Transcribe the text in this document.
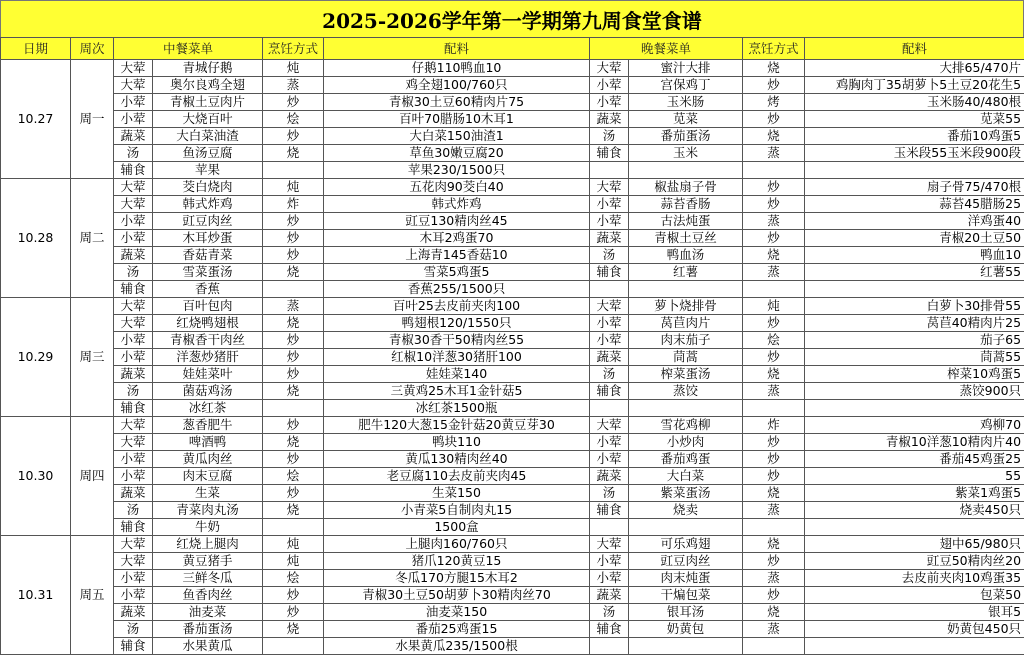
2025-2026学年第一学期第九周食堂食谱
日期	周次	中餐菜单		烹饪方式	配料	晚餐菜单		烹饪方式	配料
10.27	周一	大荤	青城仔鹅	炖	仔鹅110鸭血10	大荤	蜜汁大排	烧	大排65/470片
		大荤	奥尔良鸡全翅	蒸	鸡全翅100/760只	小荤	宫保鸡丁	炒	鸡胸肉丁35胡萝卜5土豆20花生5
		小荤	青椒土豆肉片	炒	青椒30土豆60精肉片75	小荤	玉米肠	烤	玉米肠40/480根
		小荤	大烧百叶	烩	百叶70腊肠10木耳1	蔬菜	苋菜	炒	苋菜55
		蔬菜	大白菜油渣	炒	大白菜150油渣1	汤	番茄蛋汤	烧	番茄10鸡蛋5
		汤	鱼汤豆腐	烧	草鱼30嫩豆腐20	辅食	玉米	蒸	玉米段55玉米段900段
		辅食	苹果		苹果230/1500只				
10.28	周二	大荤	茭白烧肉	炖	五花肉90茭白40	大荤	椒盐扇子骨	炒	扇子骨75/470根
		大荤	韩式炸鸡	炸	韩式炸鸡	小荤	蒜苔香肠	炒	蒜苔45腊肠25
		小荤	豇豆肉丝	炒	豇豆130精肉丝45	小荤	古法炖蛋	蒸	洋鸡蛋40
		小荤	木耳炒蛋	炒	木耳2鸡蛋70	蔬菜	青椒土豆丝	炒	青椒20土豆50
		蔬菜	香菇青菜	炒	上海青145香菇10	汤	鸭血汤	烧	鸭血10
		汤	雪菜蛋汤	烧	雪菜5鸡蛋5	辅食	红薯	蒸	红薯55
		辅食	香蕉		香蕉255/1500只				
10.29	周三	大荤	百叶包肉	蒸	百叶25去皮前夹肉100	大荤	萝卜烧排骨	炖	白萝卜30排骨55
		大荤	红烧鸭翅根	烧	鸭翅根120/1550只	小荤	莴苣肉片	炒	莴苣40精肉片25
		小荤	青椒香干肉丝	炒	青椒30香干50精肉丝55	小荤	肉末茄子	烩	茄子65
		小荤	洋葱炒猪肝	炒	红椒10洋葱30猪肝100	蔬菜	茼蒿	炒	茼蒿55
		蔬菜	娃娃菜叶	炒	娃娃菜140	汤	榨菜蛋汤	烧	榨菜10鸡蛋5
		汤	菌菇鸡汤	烧	三黄鸡25木耳1金针菇5	辅食	蒸饺	蒸	蒸饺900只
		辅食	冰红茶		冰红茶1500瓶				
10.30	周四	大荤	葱香肥牛	炒	肥牛120大葱15金针菇20黄豆芽30	大荤	雪花鸡柳	炸	鸡柳70
		大荤	啤酒鸭	烧	鸭块110	小荤	小炒肉	炒	青椒10洋葱10精肉片40
		小荤	黄瓜肉丝	炒	黄瓜130精肉丝40	小荤	番茄鸡蛋	炒	番茄45鸡蛋25
		小荤	肉末豆腐	烩	老豆腐110去皮前夹肉45	蔬菜	大白菜	炒	55
		蔬菜	生菜	炒	生菜150	汤	紫菜蛋汤	烧	紫菜1鸡蛋5
		汤	青菜肉丸汤	烧	小青菜5自制肉丸15	辅食	烧卖	蒸	烧卖450只
		辅食	牛奶		1500盒				
10.31	周五	大荤	红烧上腿肉	炖	上腿肉160/760只	大荤	可乐鸡翅	烧	翅中65/980只
		大荤	黄豆猪手	炖	猪爪120黄豆15	小荤	豇豆肉丝	炒	豇豆50精肉丝20
		小荤	三鲜冬瓜	烩	冬瓜170方腿15木耳2	小荤	肉末炖蛋	蒸	去皮前夹肉10鸡蛋35
		小荤	鱼香肉丝	炒	青椒30土豆50胡萝卜30精肉丝70	蔬菜	干煸包菜	炒	包菜50
		蔬菜	油麦菜	炒	油麦菜150	汤	银耳汤	烧	银耳5
		汤	番茄蛋汤	烧	番茄25鸡蛋15	辅食	奶黄包	蒸	奶黄包450只
		辅食	水果黄瓜		水果黄瓜235/1500根				
